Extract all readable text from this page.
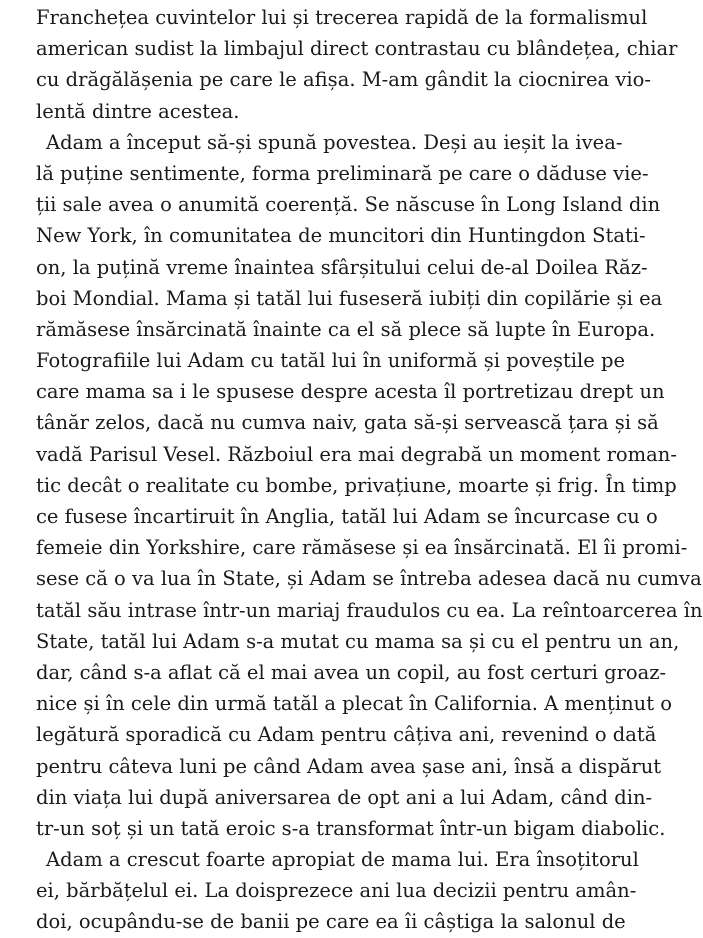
Franchețea cuvintelor lui și trecerea rapidă de la formalismul
american sudist la limbajul direct contrastau cu blândețea, chiar
cu drăgălășenia pe care le afișa. M-am gândit la ciocnirea vio-
lentă dintre acestea.
Adam a început să-și spună povestea. Deși au ieșit la ivea-
lă puține sentimente, forma preliminară pe care o dăduse vie-
ții sale avea o anumită coerență. Se născuse în Long Island din
New York, în comunitatea de muncitori din Huntingdon Stati-
on, la puțină vreme înaintea sfârșitului celui de-al Doilea Răz-
boi Mondial. Mama și tatăl lui fuseseră iubiți din copilărie și ea
rămăsese însărcinată înainte ca el să plece să lupte în Europa.
Fotografiile lui Adam cu tatăl lui în uniformă și poveștile pe
care mama sa i le spusese despre acesta îl portretizau drept un
tânăr zelos, dacă nu cumva naiv, gata să-și servească țara și să
vadă Parisul Vesel. Războiul era mai degrabă un moment roman-
tic decât o realitate cu bombe, privațiune, moarte și frig. În timp
ce fusese încartiruit în Anglia, tatăl lui Adam se încurcase cu o
femeie din Yorkshire, care rămăsese și ea însărcinată. El îi promi-
sese că o va lua în State, și Adam se întreba adesea dacă nu cumva
tatăl său intrase într-un mariaj fraudulos cu ea. La reîntoarcerea în
State, tatăl lui Adam s-a mutat cu mama sa și cu el pentru un an,
dar, când s-a aflat că el mai avea un copil, au fost certuri groaz-
nice și în cele din urmă tatăl a plecat în California. A menținut o
legătură sporadică cu Adam pentru câțiva ani, revenind o dată
pentru câteva luni pe când Adam avea șase ani, însă a dispărut
din viața lui după aniversarea de opt ani a lui Adam, când din-
tr-un soț și un tată eroic s-a transformat într-un bigam diabolic.
Adam a crescut foarte apropiat de mama lui. Era însoțitorul
ei, bărbățelul ei. La doisprezece ani lua decizii pentru amân-
doi, ocupându-se de banii pe care ea îi câștiga la salonul de
